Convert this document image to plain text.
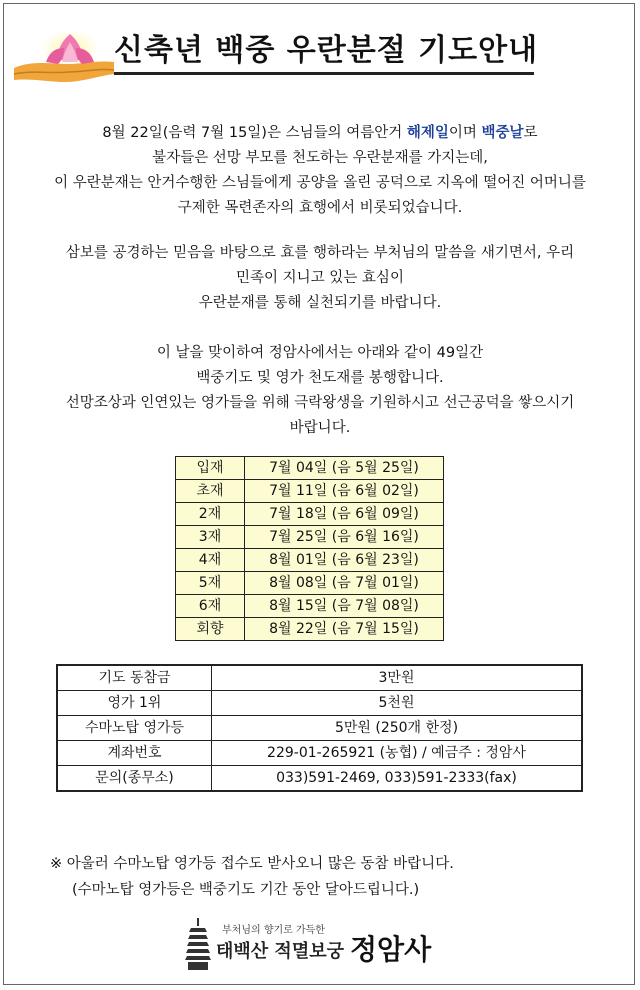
신축년 백중 우란분절 기도안내
8월 22일(음력 7월 15일)은 스님들의 여름안거 해제일이며 백중날로
불자들은 선망 부모를 천도하는 우란분재를 가지는데,
이 우란분재는 안거수행한 스님들에게 공양을 올린 공덕으로 지옥에 떨어진 어머니를
구제한 목련존자의 효행에서 비롯되었습니다.
삼보를 공경하는 믿음을 바탕으로 효를 행하라는 부처님의 말씀을 새기면서, 우리
민족이 지니고 있는 효심이
우란분재를 통해 실천되기를 바랍니다.
이 날을 맞이하여 정암사에서는 아래와 같이 49일간
백중기도 및 영가 천도재를 봉행합니다.
선망조상과 인연있는 영가들을 위해 극락왕생을 기원하시고 선근공덕을 쌓으시기
바랍니다.
입재	7월 04일 (음 5월 25일)
초재	7월 11일 (음 6월 02일)
2재	7월 18일 (음 6월 09일)
3재	7월 25일 (음 6월 16일)
4재	8월 01일 (음 6월 23일)
5재	8월 08일 (음 7월 01일)
6재	8월 15일 (음 7월 08일)
회향	8월 22일 (음 7월 15일)
기도 동참금	3만원
영가 1위	5천원
수마노탑 영가등	5만원 (250개 한정)
계좌번호	229-01-265921 (농협) / 예금주 : 정암사
문의(종무소)	033)591-2469, 033)591-2333(fax)
※ 아울러 수마노탑 영가등 접수도 받사오니 많은 동참 바랍니다.
(수마노탑 영가등은 백중기도 기간 동안 달아드립니다.)
부처님의 향기로 가득한
태백산 적멸보궁 정암사
